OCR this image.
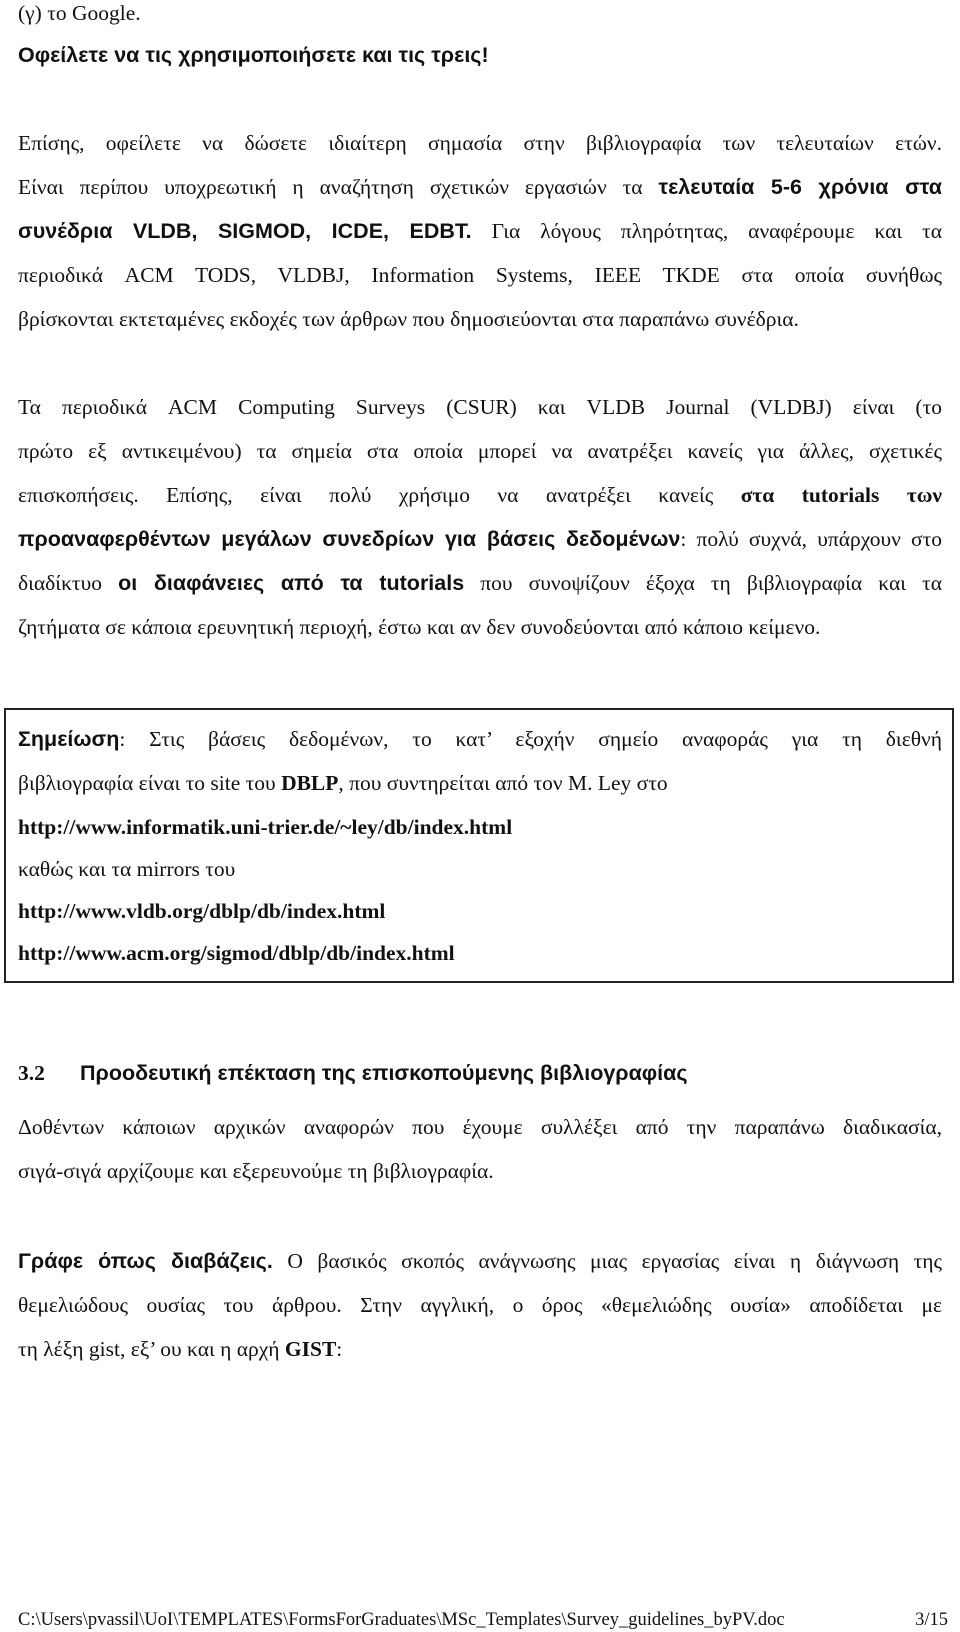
(γ) το Google.
Οφείλετε να τις χρησιμοποιήσετε και τις τρεις!
Επίσης, οφείλετε να δώσετε ιδιαίτερη σημασία στην βιβλιογραφία των τελευταίων ετών.
Είναι περίπου υποχρεωτική η αναζήτηση σχετικών εργασιών τα τελευταία 5-6 χρόνια στα
συνέδρια VLDB, SIGMOD, ICDE, EDBT. Για λόγους πληρότητας, αναφέρουμε και τα
περιοδικά ACM TODS, VLDBJ, Information Systems, IEEE TKDE στα οποία συνήθως
βρίσκονται εκτεταμένες εκδοχές των άρθρων που δημοσιεύονται στα παραπάνω συνέδρια.
Τα περιοδικά ACM Computing Surveys (CSUR) και VLDB Journal (VLDBJ) είναι (το
πρώτο εξ αντικειμένου) τα σημεία στα οποία μπορεί να ανατρέξει κανείς για άλλες, σχετικές
επισκοπήσεις. Επίσης, είναι πολύ χρήσιμο να ανατρέξει κανείς στα tutorials των
προαναφερθέντων μεγάλων συνεδρίων για βάσεις δεδομένων: πολύ συχνά, υπάρχουν στο
διαδίκτυο οι διαφάνειες από τα tutorials που συνοψίζουν έξοχα τη βιβλιογραφία και τα
ζητήματα σε κάποια ερευνητική περιοχή, έστω και αν δεν συνοδεύονται από κάποιο κείμενο.
Σημείωση: Στις βάσεις δεδομένων, το κατ’ εξοχήν σημείο αναφοράς για τη διεθνή
βιβλιογραφία είναι το site του DBLP, που συντηρείται από τον M. Ley στο
http://www.informatik.uni-trier.de/~ley/db/index.html
καθώς και τα mirrors του
http://www.vldb.org/dblp/db/index.html
http://www.acm.org/sigmod/dblp/db/index.html
3.2 Προοδευτική επέκταση της επισκοπούμενης βιβλιογραφίας
Δοθέντων κάποιων αρχικών αναφορών που έχουμε συλλέξει από την παραπάνω διαδικασία,
σιγά-σιγά αρχίζουμε και εξερευνούμε τη βιβλιογραφία.
Γράφε όπως διαβάζεις. Ο βασικός σκοπός ανάγνωσης μιας εργασίας είναι η διάγνωση της
θεμελιώδους ουσίας του άρθρου. Στην αγγλική, ο όρος «θεμελιώδης ουσία» αποδίδεται με
τη λέξη gist, εξ’ ου και η αρχή GIST:
C:\Users\pvassil\UoI\TEMPLATES\FormsForGraduates\MSc_Templates\Survey_guidelines_byPV.doc	3/15
